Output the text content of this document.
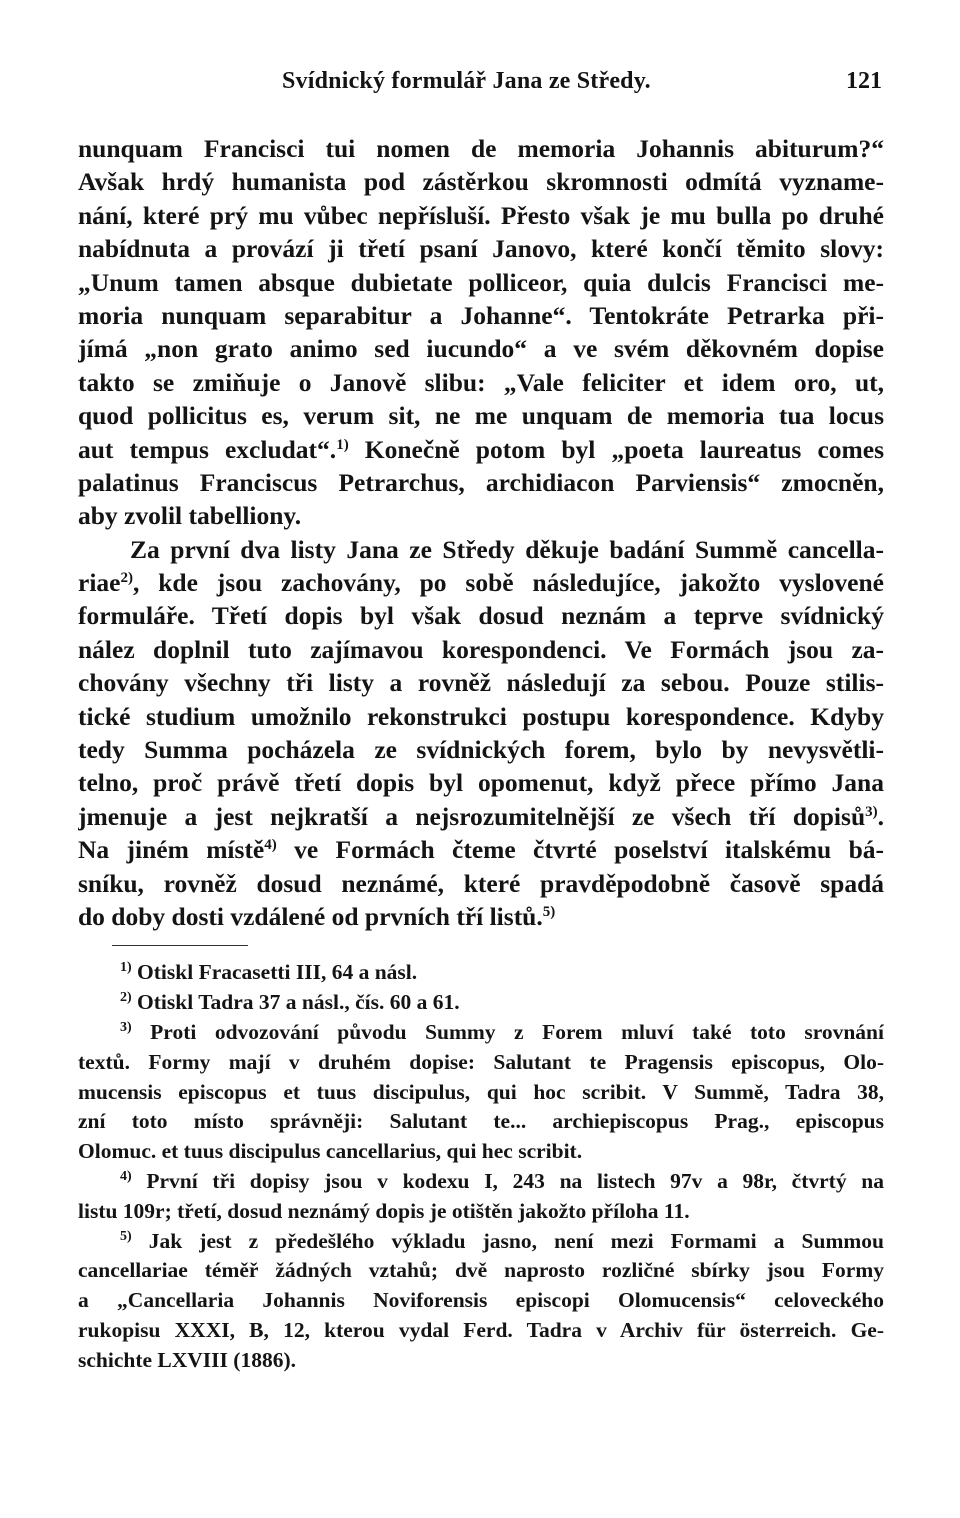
Svídnický formulář Jana ze Středy.	121
nunquam Francisci tui nomen de memoria Johannis abiturum?“
Avšak hrdý humanista pod zástěrkou skromnosti odmítá vyzname-
nání, které prý mu vůbec nepřísluší. Přesto však je mu bulla po druhé
nabídnuta a provází ji třetí psaní Janovo, které končí těmito slovy:
„Unum tamen absque dubietate polliceor, quia dulcis Francisci me-
moria nunquam separabitur a Johanne“. Tentokráte Petrarka při-
jímá „non grato animo sed iucundo“ a ve svém děkovném dopise
takto se zmiňuje o Janově slibu: „Vale feliciter et idem oro, ut,
quod pollicitus es, verum sit, ne me unquam de memoria tua locus
aut tempus excludat“.$^{1)}$ Konečně potom byl „poeta laureatus comes
palatinus Franciscus Petrarchus, archidiacon Parviensis“ zmocněn,
aby zvolil tabelliony.
Za první dva listy Jana ze Středy děkuje badání Summě cancella-
riae$^{2)}$, kde jsou zachovány, po sobě následujíce, jakožto vyslovené
formuláře. Třetí dopis byl však dosud neznám a teprve svídnický
nález doplnil tuto zajímavou korespondenci. Ve Formách jsou za-
chovány všechny tři listy a rovněž následují za sebou. Pouze stilis-
tické studium umožnilo rekonstrukci postupu korespondence. Kdyby
tedy Summa pocházela ze svídnických forem, bylo by nevysvětli-
telno, proč právě třetí dopis byl opomenut, když přece přímo Jana
jmenuje a jest nejkratší a nejsrozumitelnější ze všech tří dopisů$^{3)}$.
Na jiném místě$^{4)}$ ve Formách čteme čtvrté poselství italskému bá-
sníku, rovněž dosud neznámé, které pravděpodobně časově spadá
do doby dosti vzdálené od prvních tří listů.$^{5)}$
$^{1)}$ Otiskl Fracasetti III, 64 a násl.
$^{2)}$ Otiskl Tadra 37 a násl., čís. 60 a 61.
$^{3)}$ Proti odvozování původu Summy z Forem mluví také toto srovnání
textů. Formy mají v druhém dopise: Salutant te Pragensis episcopus, Olo-
mucensis episcopus et tuus discipulus, qui hoc scribit. V Summě, Tadra 38,
zní toto místo správněji: Salutant te... archiepiscopus Prag., episcopus
Olomuc. et tuus discipulus cancellarius, qui hec scribit.
$^{4)}$ První tři dopisy jsou v kodexu I, 243 na listech 97v a 98r, čtvrtý na
listu 109r; třetí, dosud neznámý dopis je otištěn jakožto příloha 11.
$^{5)}$ Jak jest z předešlého výkladu jasno, není mezi Formami a Summou
cancellariae téměř žádných vztahů; dvě naprosto rozličné sbírky jsou Formy
a „Cancellaria Johannis Noviforensis episcopi Olomucensis“ celoveckého
rukopisu XXXI, B, 12, kterou vydal Ferd. Tadra v Archiv für österreich. Ge-
schichte LXVIII (1886).
